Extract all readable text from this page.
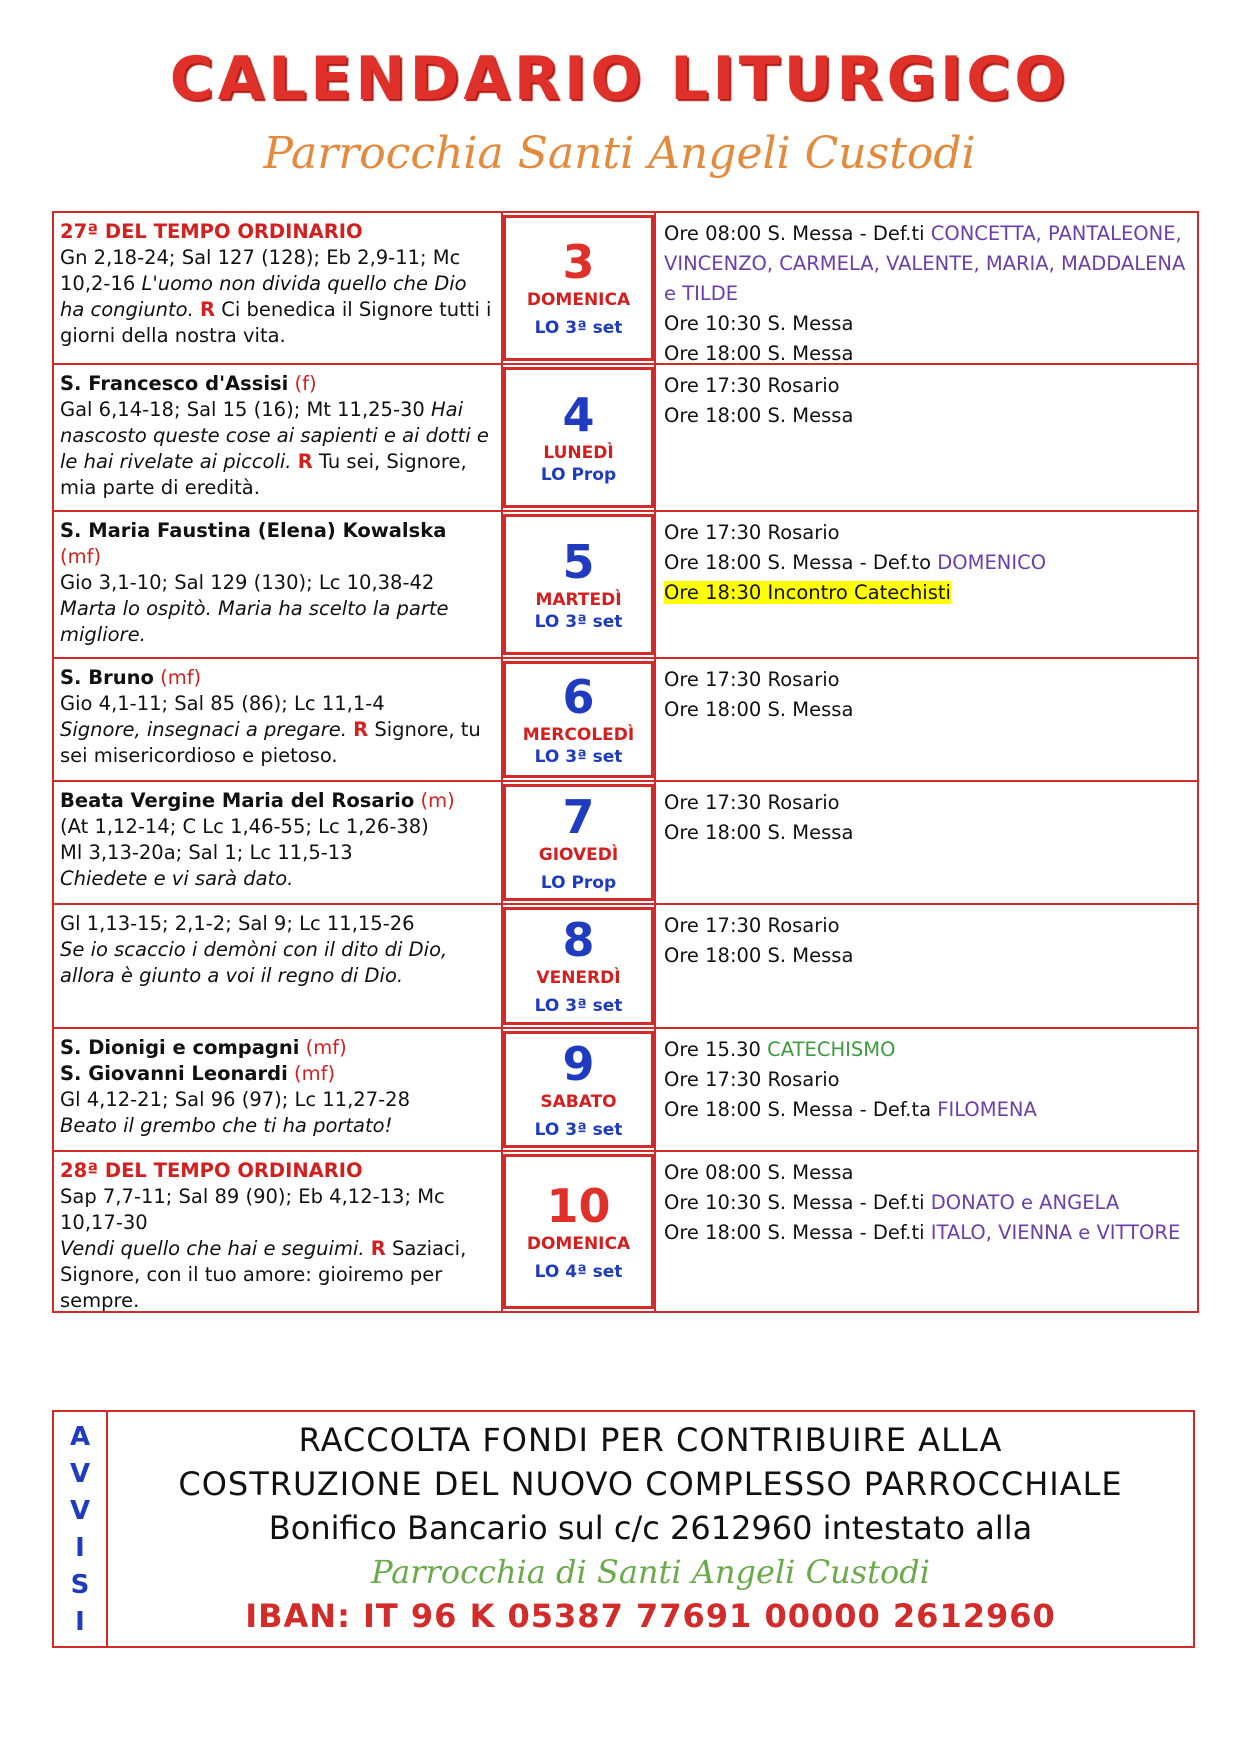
CALENDARIO LITURGICO
Parrocchia Santi Angeli Custodi
27ª DEL TEMPO ORDINARIO
Gn 2,18-24; Sal 127 (128); Eb 2,9-11; Mc 10,2-16 L'uomo non divida quello che Dio ha congiunto. R Ci benedica il Signore tutti i giorni della nostra vita.
3
DOMENICA
LO 3ª set
Ore 08:00 S. Messa - Def.ti CONCETTA, PANTALEONE, VINCENZO, CARMELA, VALENTE, MARIA, MADDALENA e TILDE
Ore 10:30 S. Messa
Ore 18:00 S. Messa
S. Francesco d'Assisi (f)
Gal 6,14-18; Sal 15 (16); Mt 11,25-30 Hai nascosto queste cose ai sapienti e ai dotti e le hai rivelate ai piccoli. R Tu sei, Signore, mia parte di eredità.
4
LUNEDÌ
LO Prop
Ore 17:30 Rosario
Ore 18:00 S. Messa
S. Maria Faustina (Elena) Kowalska
(mf)
Gio 3,1-10; Sal 129 (130); Lc 10,38-42
Marta lo ospitò. Maria ha scelto la parte migliore.
5
MARTEDÌ
LO 3ª set
Ore 17:30 Rosario
Ore 18:00 S. Messa - Def.to DOMENICO
Ore 18:30 Incontro Catechisti
S. Bruno (mf)
Gio 4,1-11; Sal 85 (86); Lc 11,1-4
Signore, insegnaci a pregare. R Signore, tu sei misericordioso e pietoso.
6
MERCOLEDÌ
LO 3ª set
Ore 17:30 Rosario
Ore 18:00 S. Messa
Beata Vergine Maria del Rosario (m)
(At 1,12-14; C Lc 1,46-55; Lc 1,26-38)
Ml 3,13-20a; Sal 1; Lc 11,5-13
Chiedete e vi sarà dato.
7
GIOVEDÌ
LO Prop
Ore 17:30 Rosario
Ore 18:00 S. Messa
Gl 1,13-15; 2,1-2; Sal 9; Lc 11,15-26
Se io scaccio i demòni con il dito di Dio, allora è giunto a voi il regno di Dio.
8
VENERDÌ
LO 3ª set
Ore 17:30 Rosario
Ore 18:00 S. Messa
S. Dionigi e compagni (mf)
S. Giovanni Leonardi (mf)
Gl 4,12-21; Sal 96 (97); Lc 11,27-28
Beato il grembo che ti ha portato!
9
SABATO
LO 3ª set
Ore 15.30 CATECHISMO
Ore 17:30 Rosario
Ore 18:00 S. Messa - Def.ta FILOMENA
28ª DEL TEMPO ORDINARIO
Sap 7,7-11; Sal 89 (90); Eb 4,12-13; Mc 10,17-30
Vendi quello che hai e seguimi. R Saziaci, Signore, con il tuo amore: gioiremo per sempre.
10
DOMENICA
LO 4ª set
Ore 08:00 S. Messa
Ore 10:30 S. Messa - Def.ti DONATO e ANGELA
Ore 18:00 S. Messa - Def.ti ITALO, VIENNA e VITTORE
A
V
V
I
S
I
RACCOLTA FONDI PER CONTRIBUIRE ALLA
COSTRUZIONE DEL NUOVO COMPLESSO PARROCCHIALE
Bonifico Bancario sul c/c 2612960 intestato alla
Parrocchia di Santi Angeli Custodi
IBAN: IT 96 K 05387 77691 00000 2612960
